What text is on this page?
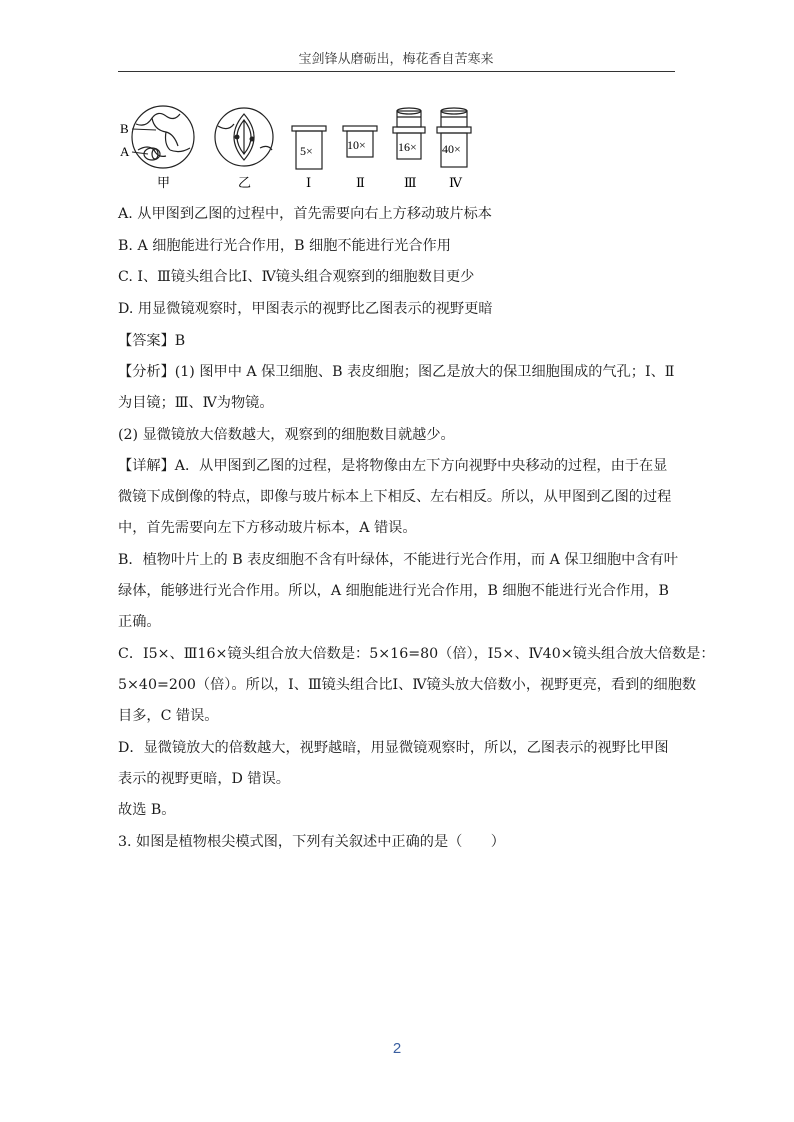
宝剑锋从磨砺出，梅花香自苦寒来
B
A
甲	乙
5×
Ⅰ
10×
Ⅱ
16×
Ⅲ
40×
Ⅳ
A. 从甲图到乙图的过程中，首先需要向右上方移动玻片标本
B. A 细胞能进行光合作用，B 细胞不能进行光合作用
C. Ⅰ、Ⅲ镜头组合比Ⅰ、Ⅳ镜头组合观察到的细胞数目更少
D. 用显微镜观察时，甲图表示的视野比乙图表示的视野更暗
【答案】B
【分析】(1) 图甲中 A 保卫细胞、B 表皮细胞；图乙是放大的保卫细胞围成的气孔；Ⅰ、Ⅱ
为目镜；Ⅲ、Ⅳ为物镜。
(2) 显微镜放大倍数越大，观察到的细胞数目就越少。
【详解】A．从甲图到乙图的过程，是将物像由左下方向视野中央移动的过程，由于在显
微镜下成倒像的特点，即像与玻片标本上下相反、左右相反。所以，从甲图到乙图的过程
中，首先需要向左下方移动玻片标本，A 错误。
B．植物叶片上的 B 表皮细胞不含有叶绿体，不能进行光合作用，而 A 保卫细胞中含有叶
绿体，能够进行光合作用。所以，A 细胞能进行光合作用，B 细胞不能进行光合作用，B
正确。
C．Ⅰ5×、Ⅲ16×镜头组合放大倍数是：5×16=80（倍），Ⅰ5×、Ⅳ40×镜头组合放大倍数是：
5×40=200（倍）。所以，Ⅰ、Ⅲ镜头组合比Ⅰ、Ⅳ镜头放大倍数小，视野更亮，看到的细胞数
目多，C 错误。
D．显微镜放大的倍数越大，视野越暗，用显微镜观察时，所以，乙图表示的视野比甲图
表示的视野更暗，D 错误。
故选 B。
3. 如图是植物根尖模式图，下列有关叙述中正确的是（　　）
2
